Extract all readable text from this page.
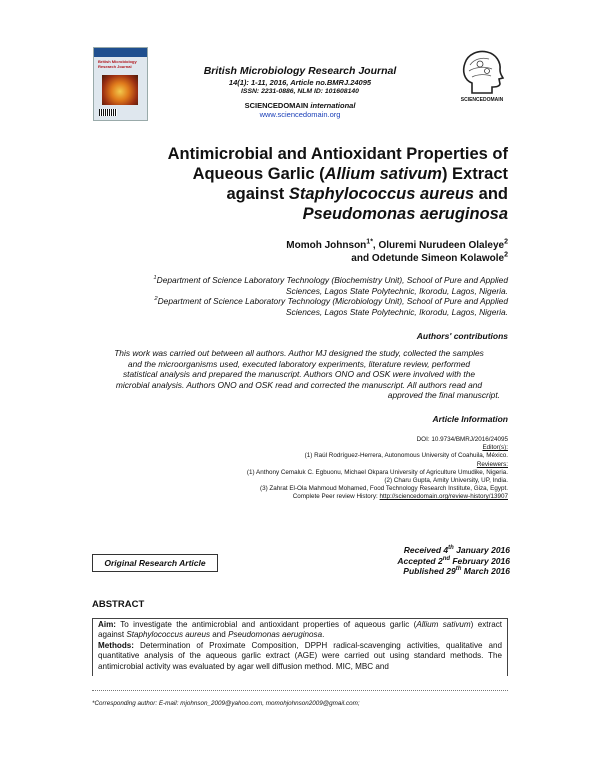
British Microbiology Research Journal
SCIENCEDOMAIN
British Microbiology Research Journal
14(1): 1-11, 2016, Article no.BMRJ.24095
ISSN: 2231-0886, NLM ID: 101608140
SCIENCEDOMAIN international
www.sciencedomain.org
Antimicrobial and Antioxidant Properties of
Aqueous Garlic (Allium sativum) Extract
against Staphylococcus aureus and
Pseudomonas aeruginosa
Momoh Johnson$^{1*}$, Oluremi Nurudeen Olaleye$^2$
and Odetunde Simeon Kolawole$^2$
$^1$Department of Science Laboratory Technology (Biochemistry Unit), School of Pure and Applied
Sciences, Lagos State Polytechnic, Ikorodu, Lagos, Nigeria.
$^2$Department of Science Laboratory Technology (Microbiology Unit), School of Pure and Applied
Sciences, Lagos State Polytechnic, Ikorodu, Lagos, Nigeria.
Authors' contributions
This work was carried out between all authors. Author MJ designed the study, collected the samples
and the microorganisms used, executed laboratory experiments, literature review, performed
statistical analysis and prepared the manuscript. Authors ONO and OSK were involved with the
microbial analysis. Authors ONO and OSK read and corrected the manuscript. All authors read and
approved the final manuscript.
Article Information
DOI: 10.9734/BMRJ/2016/24095
Editor(s):
(1) Raúl Rodríguez-Herrera, Autonomous University of Coahuila, México.
Reviewers:
(1) Anthony Cemaluk C. Egbuonu, Michael Okpara University of Agriculture Umudike, Nigeria.
(2) Charu Gupta, Amity University, UP, India.
(3) Zahrat El-Ola Mahmoud Mohamed, Food Technology Research Institute, Giza, Egypt.
Complete Peer review History: http://sciencedomain.org/review-history/13907
Original Research Article
Received 4th January 2016
Accepted 2nd February 2016
Published 29th March 2016
ABSTRACT
Aim: To investigate the antimicrobial and antioxidant properties of aqueous garlic (Allium sativum) extract against Staphylococcus aureus and Pseudomonas aeruginosa.
Methods: Determination of Proximate Composition, DPPH radical-scavenging activities, qualitative and quantitative analysis of the aqueous garlic extract (AGE) were carried out using standard methods. The antimicrobial activity was evaluated by agar well diffusion method. MIC, MBC and
*Corresponding author: E-mail: mjohnson_2009@yahoo.com, momohjohnson2009@gmail.com;
